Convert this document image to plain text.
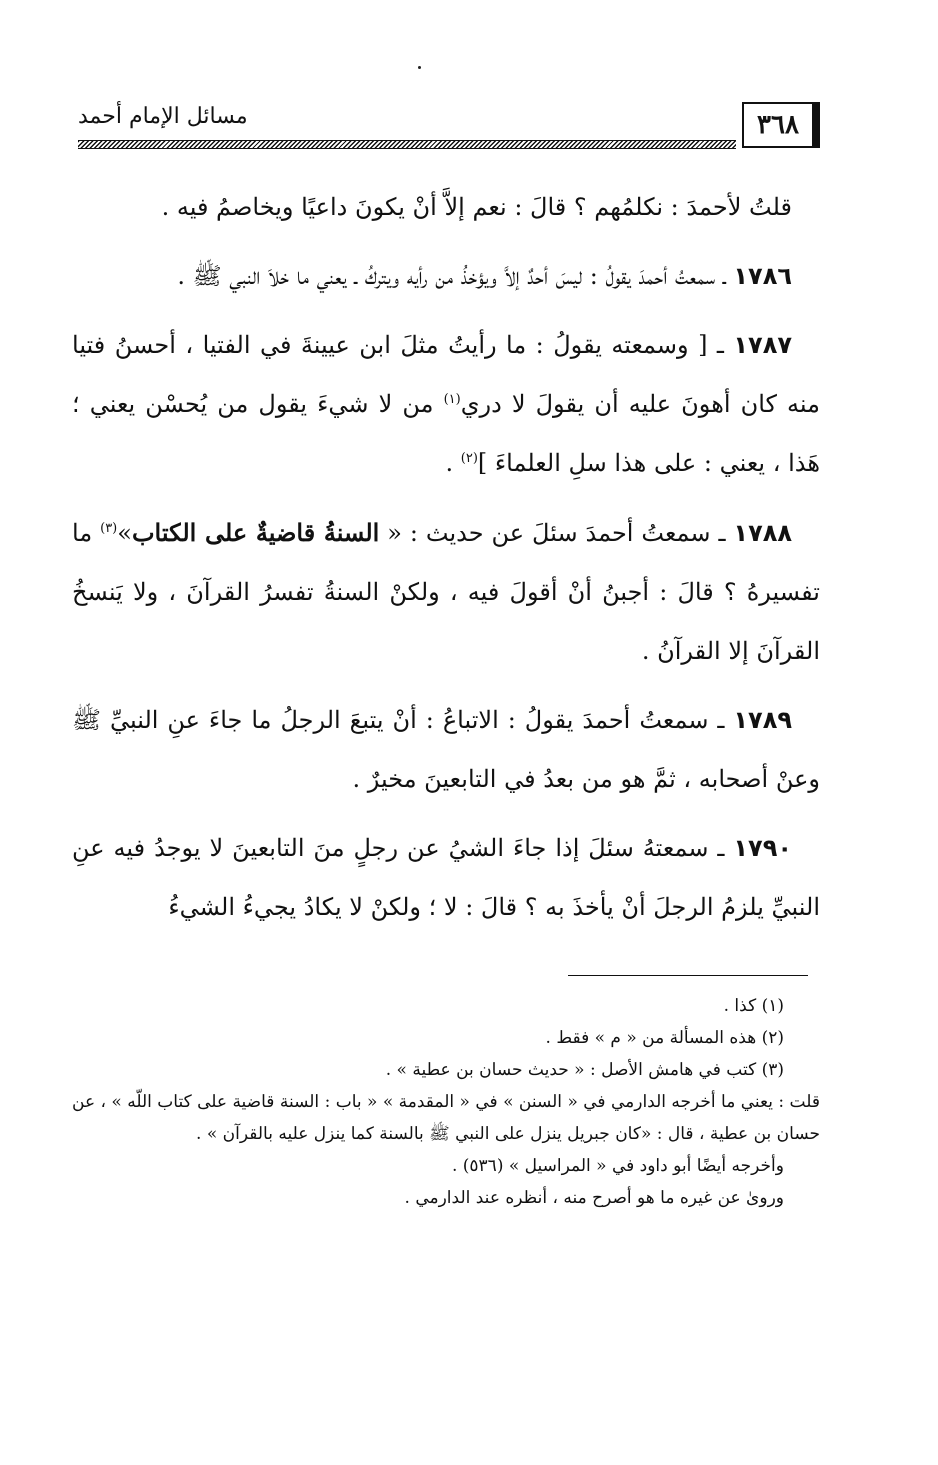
٣٦٨
مسائل الإمام أحمد

قلتُ لأحمدَ : نكلمُهم ؟ قالَ : نعم إلاَّ أنْ يكونَ داعيًا ويخاصمُ فيه .

١٧٨٦ ـ سمعتُ أحمدَ يقولُ : ليسَ أحدٌ إلاَّ ويؤخذُ من رأيه ويتركُ ـ يعني ما خلاَ النبي ﷺ .

١٧٨٧ ـ [ وسمعته يقولُ : ما رأيتُ مثلَ ابن عيينةَ في الفتيا ، أحسنُ فتيا منه كان أهونَ عليه أن يقولَ لا دري$^{(١)}$ من لا شيءَ يقول من يُحسْن يعني ؛ هَذا ، يعني : على هذا سلِ العلماءَ ]$^{(٢)}$ .

١٧٨٨ ـ سمعتُ أحمدَ سئلَ عن حديث : « السنةُ قاضيةٌ على الكتاب»$^{(٣)}$ ما تفسيرهُ ؟ قالَ : أجبنُ أنْ أقولَ فيه ، ولكنْ السنةُ تفسرُ القرآنَ ، ولا يَنسخُ القرآنَ إلا القرآنُ .

١٧٨٩ ـ سمعتُ أحمدَ يقولُ : الاتباعُ : أنْ يتبعَ الرجلُ ما جاءَ عنِ النبيِّ ﷺ وعنْ أصحابه ، ثمَّ هو من بعدُ في التابعينَ مخيرٌ .

١٧٩٠ ـ سمعتهُ سئلَ إذا جاءَ الشيُ عن رجلٍ منَ التابعينَ لا يوجدُ فيه عنِ النبيِّ يلزمُ الرجلَ أنْ يأخذَ به ؟ قالَ : لا ؛ ولكنْ لا يكادُ يجيءُ الشيءُ

(١) كذا .

(٢) هذه المسألة من « م » فقط .

(٣) كتب في هامش الأصل : « حديث حسان بن عطية » .

قلت : يعني ما أخرجه الدارمي في « السنن » في « المقدمة » « باب : السنة قاضية على كتاب اللّه » ، عن حسان بن عطية ، قال : «كان جبريل ينزل على النبي ﷺ بالسنة كما ينزل عليه بالقرآن » .

وأخرجه أيضًا أبو داود في « المراسيل » (٥٣٦) .

وروىٰ عن غيره ما هو أصرح منه ، أنظره عند الدارمي .
